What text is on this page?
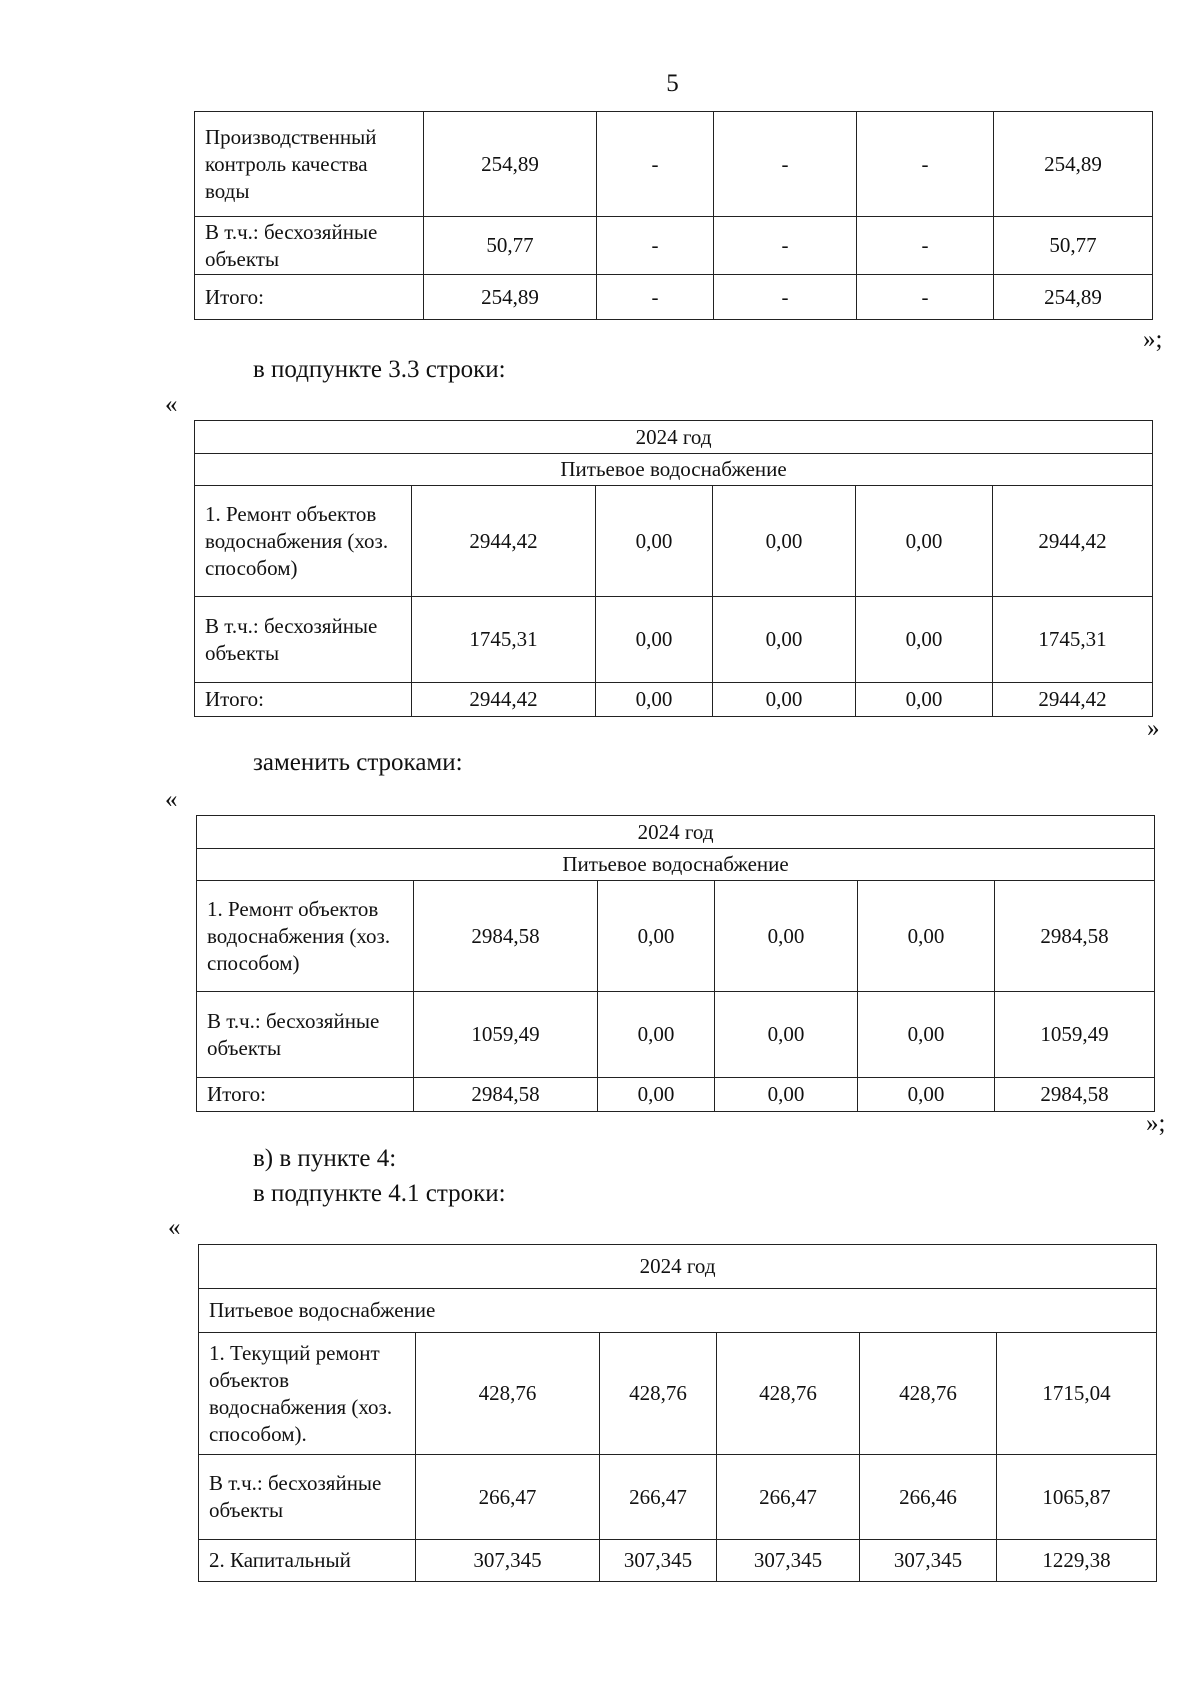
5
Производственный контроль качества воды	254,89	-	-	-	254,89
В т.ч.: бесхозяйные объекты	50,77	-	-	-	50,77
Итого:	254,89	-	-	-	254,89
»;
в подпункте 3.3 строки:
«
2024 год					
Питьевое водоснабжение					
1. Ремонт объектов водоснабжения (хоз. способом)	2944,42	0,00	0,00	0,00	2944,42
В т.ч.: бесхозяйные объекты	1745,31	0,00	0,00	0,00	1745,31
Итого:	2944,42	0,00	0,00	0,00	2944,42
»
заменить строками:
«
2024 год					
Питьевое водоснабжение					
1. Ремонт объектов водоснабжения (хоз. способом)	2984,58	0,00	0,00	0,00	2984,58
В т.ч.: бесхозяйные объекты	1059,49	0,00	0,00	0,00	1059,49
Итого:	2984,58	0,00	0,00	0,00	2984,58
»;
в) в пункте 4:
в подпункте 4.1 строки:
«
2024 год					
Питьевое водоснабжение					
1. Текущий ремонт объектов водоснабжения (хоз. способом).	428,76	428,76	428,76	428,76	1715,04
В т.ч.: бесхозяйные объекты	266,47	266,47	266,47	266,46	1065,87
2. Капитальный	307,345	307,345	307,345	307,345	1229,38
